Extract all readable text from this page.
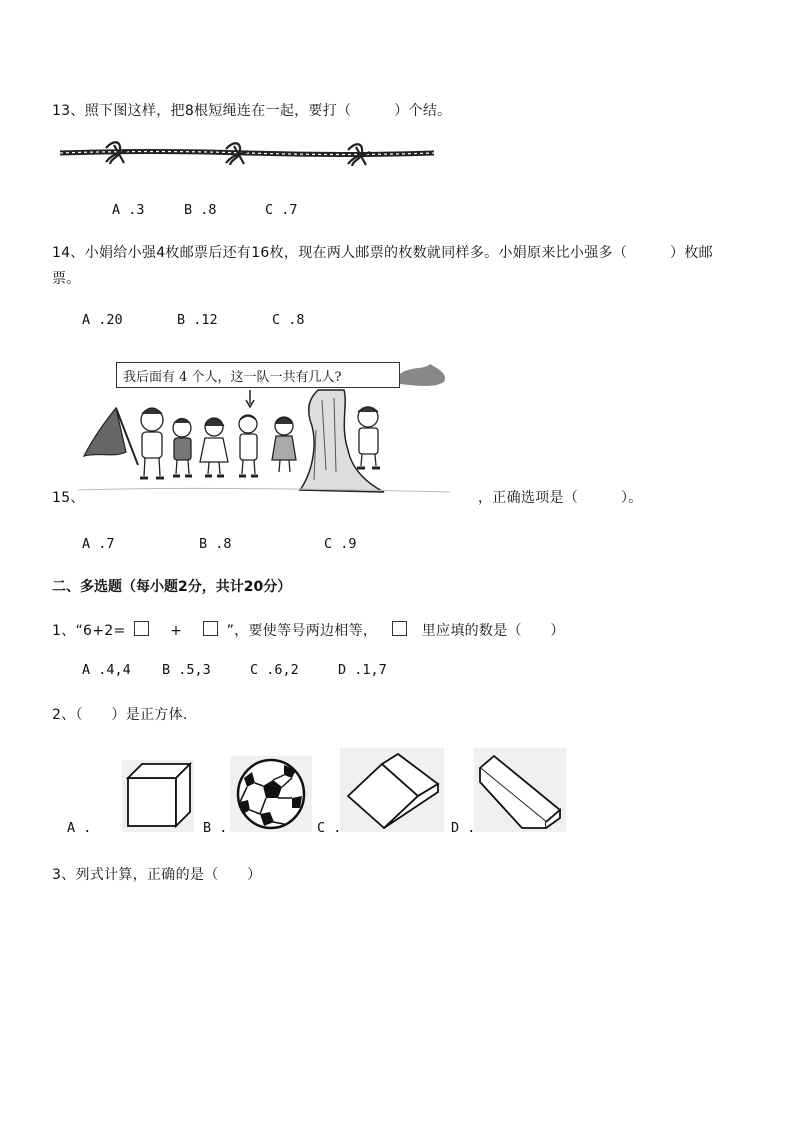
13、照下图这样，把8根短绳连在一起，要打（　　　）个结。
A .3	B .8	C .7
14、小娟给小强4枚邮票后还有16枚，现在两人邮票的枚数就同样多。小娟原来比小强多（　　　）枚邮
票。
A .20	B .12	C .8
我后面有 4 个人，这一队一共有几人?
15、	，正确选项是（　　　）。
A .7	B .8	C .9
二、多选题（每小题2分，共计20分）
1、“6+2=	+	”，要使等号两边相等，	里应填的数是（　　）
A .4,4 B .5,3	C .6,2	D .1,7
2、（　　）是正方体.
A .	B .	C .	D .
3、列式计算，正确的是（　　）
